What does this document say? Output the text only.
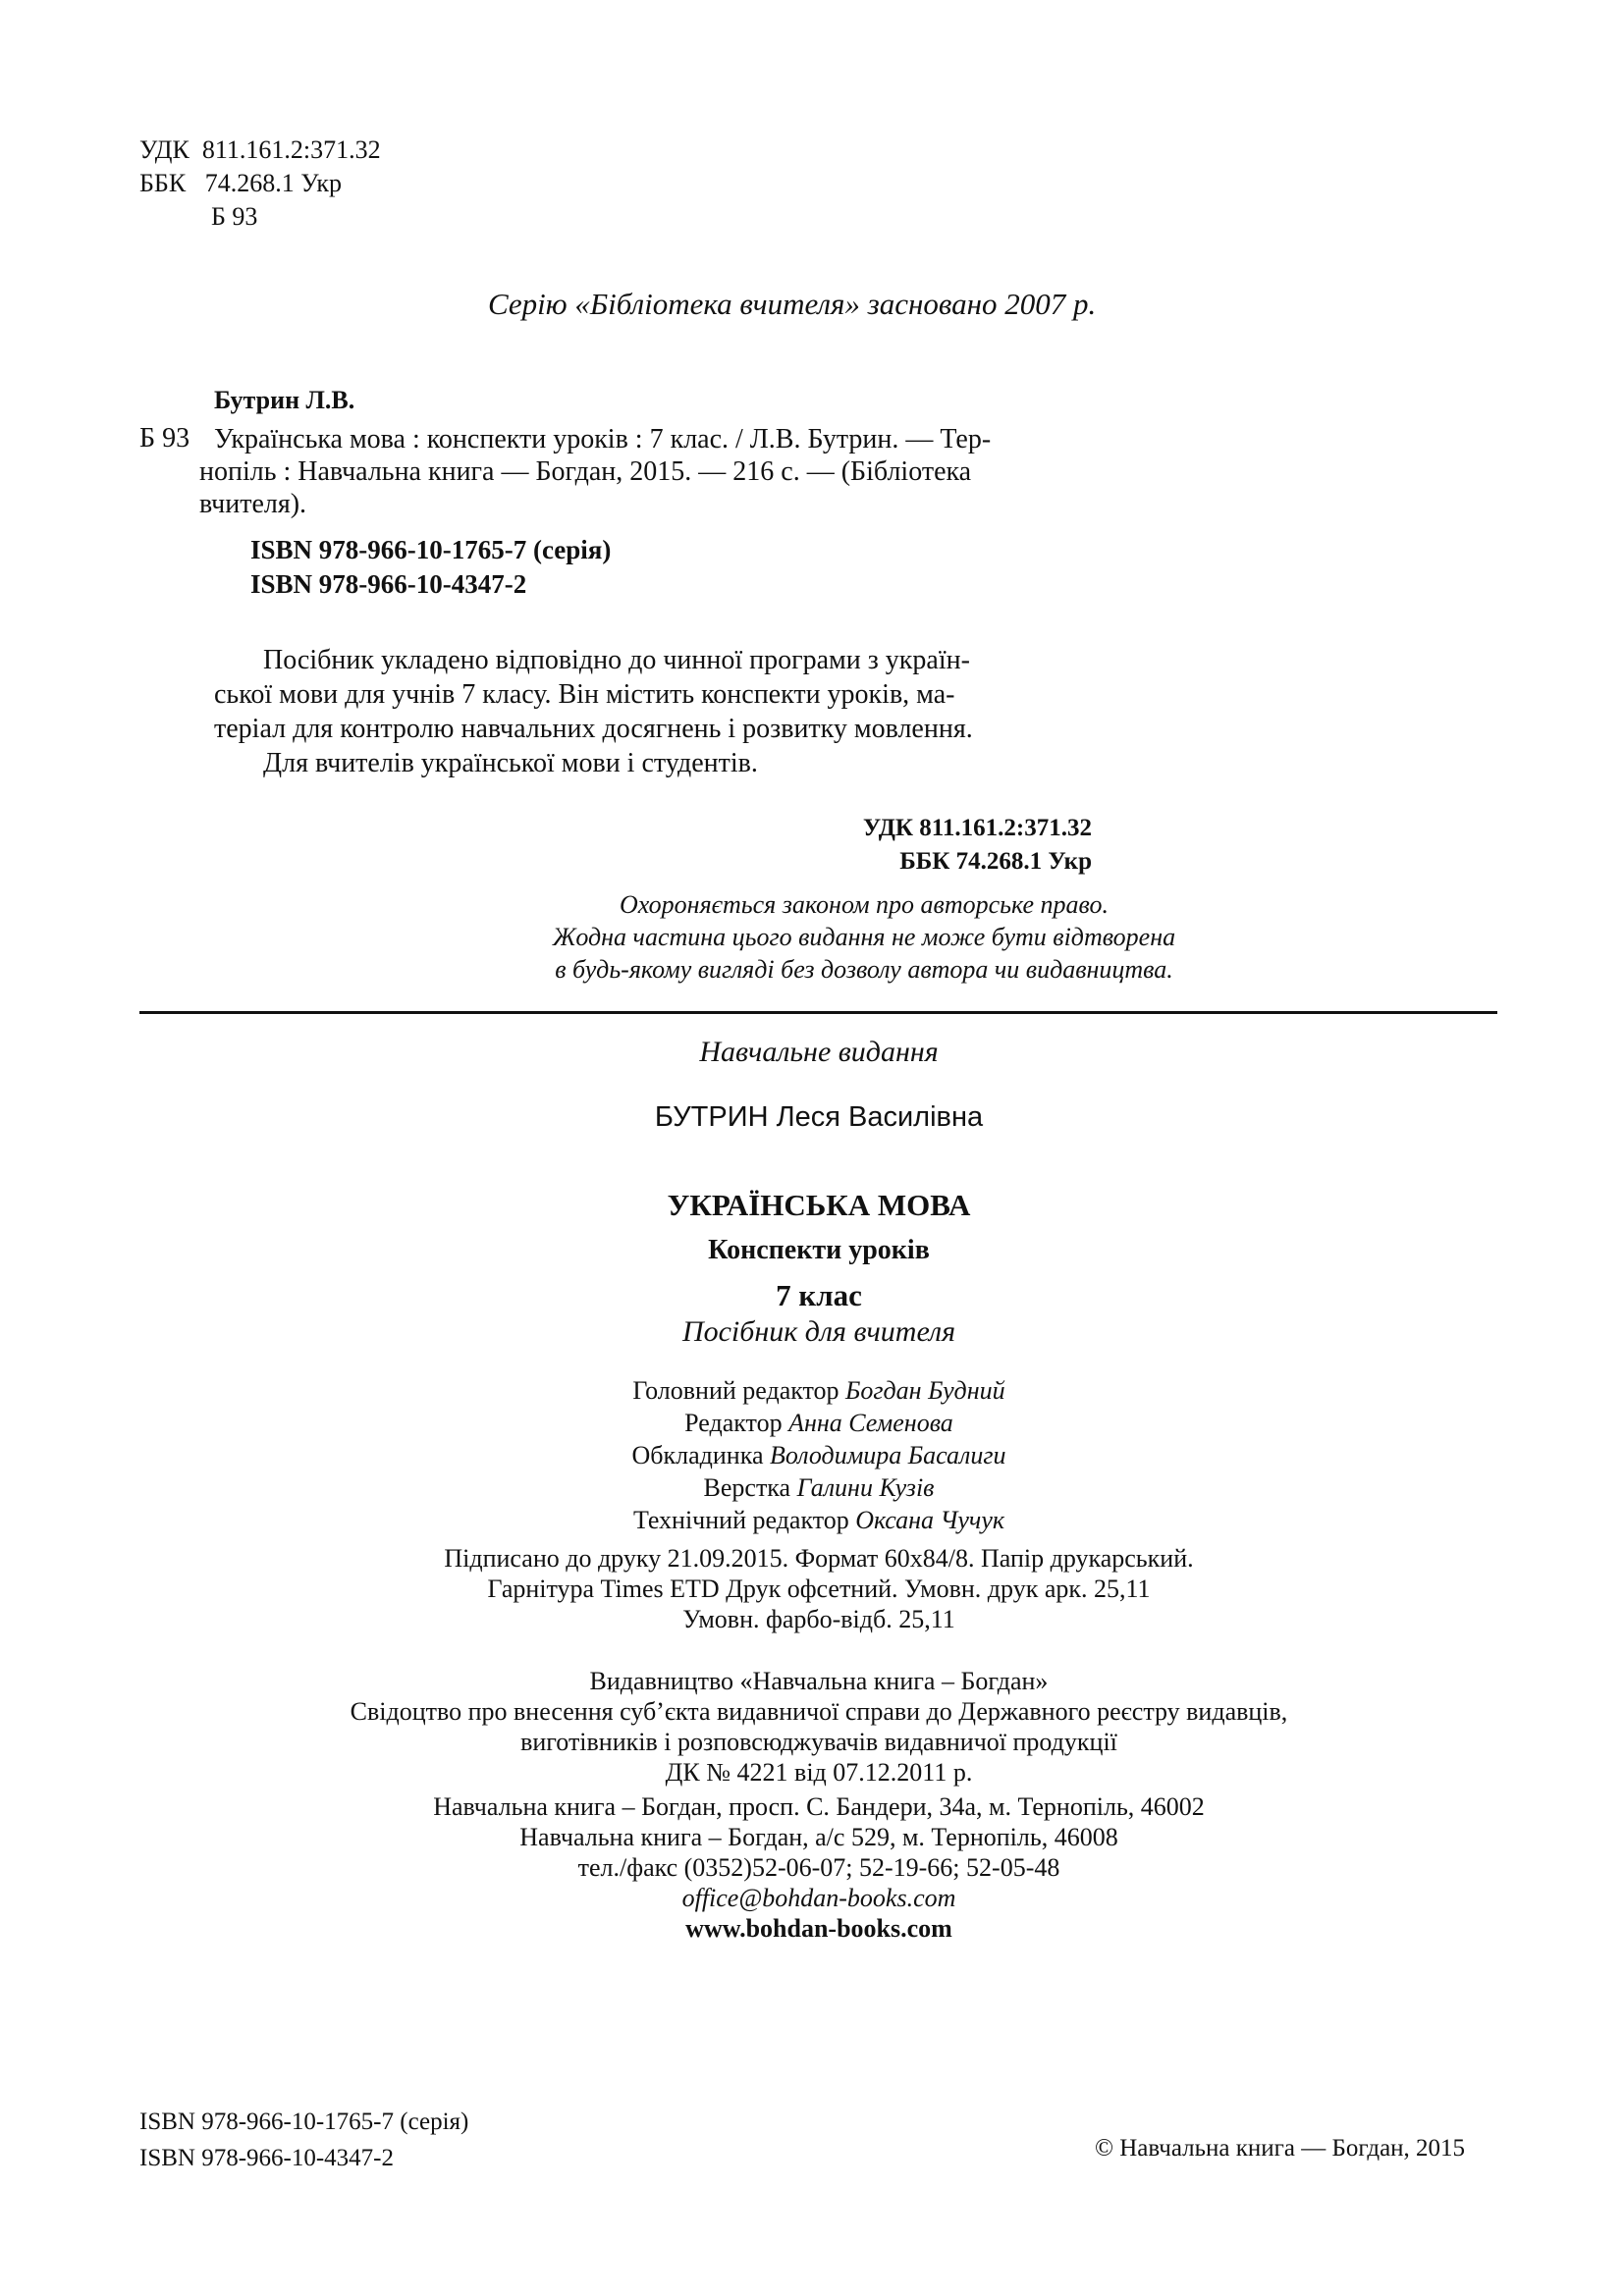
УДК 811.161.2:371.32
ББК 74.268.1 Укр
Б 93
Серію «Бібліотека вчителя» засновано 2007 р.
Бутрин Л.В.
Б 93 Українська мова : конспекти уроків : 7 клас. / Л.В. Бутрин. — Тер-
нопіль : Навчальна книга — Богдан, 2015. — 216 с. — (Бібліотека
вчителя).
ISBN 978-966-10-1765-7 (серія)
ISBN 978-966-10-4347-2
Посібник укладено відповідно до чинної програми з україн-
ської мови для учнів 7 класу. Він містить конспекти уроків, ма-
теріал для контролю навчальних досягнень і розвитку мовлення.
Для вчителів української мови і студентів.
УДК 811.161.2:371.32
ББК 74.268.1 Укр
Охороняється законом про авторське право.
Жодна частина цього видання не може бути відтворена
в будь-якому вигляді без дозволу автора чи видавництва.
Навчальне видання
БУТРИН Леся Василівна
УКРАЇНСЬКА МОВА
Конспекти уроків
7 клас
Посібник для вчителя
Головний редактор Богдан Будний
Редактор Анна Семенова
Обкладинка Володимира Басалиги
Верстка Галини Кузів
Технічний редактор Оксана Чучук
Підписано до друку 21.09.2015. Формат 60х84/8. Папір друкарський.
Гарнітура Times ETD Друк офсетний. Умовн. друк арк. 25,11
Умовн. фарбо-відб. 25,11
Видавництво «Навчальна книга – Богдан»
Свідоцтво про внесення суб’єкта видавничої справи до Державного реєстру видавців,
виготівників і розповсюджувачів видавничої продукції
ДК № 4221 від 07.12.2011 р.
Навчальна книга – Богдан, просп. С. Бандери, 34а, м. Тернопіль, 46002
Навчальна книга – Богдан, а/с 529, м. Тернопіль, 46008
тел./факс (0352)52-06-07; 52-19-66; 52-05-48
office@bohdan-books.com
www.bohdan-books.com
ISBN 978-966-10-1765-7 (серія)
ISBN 978-966-10-4347-2	© Навчальна книга — Богдан, 2015
